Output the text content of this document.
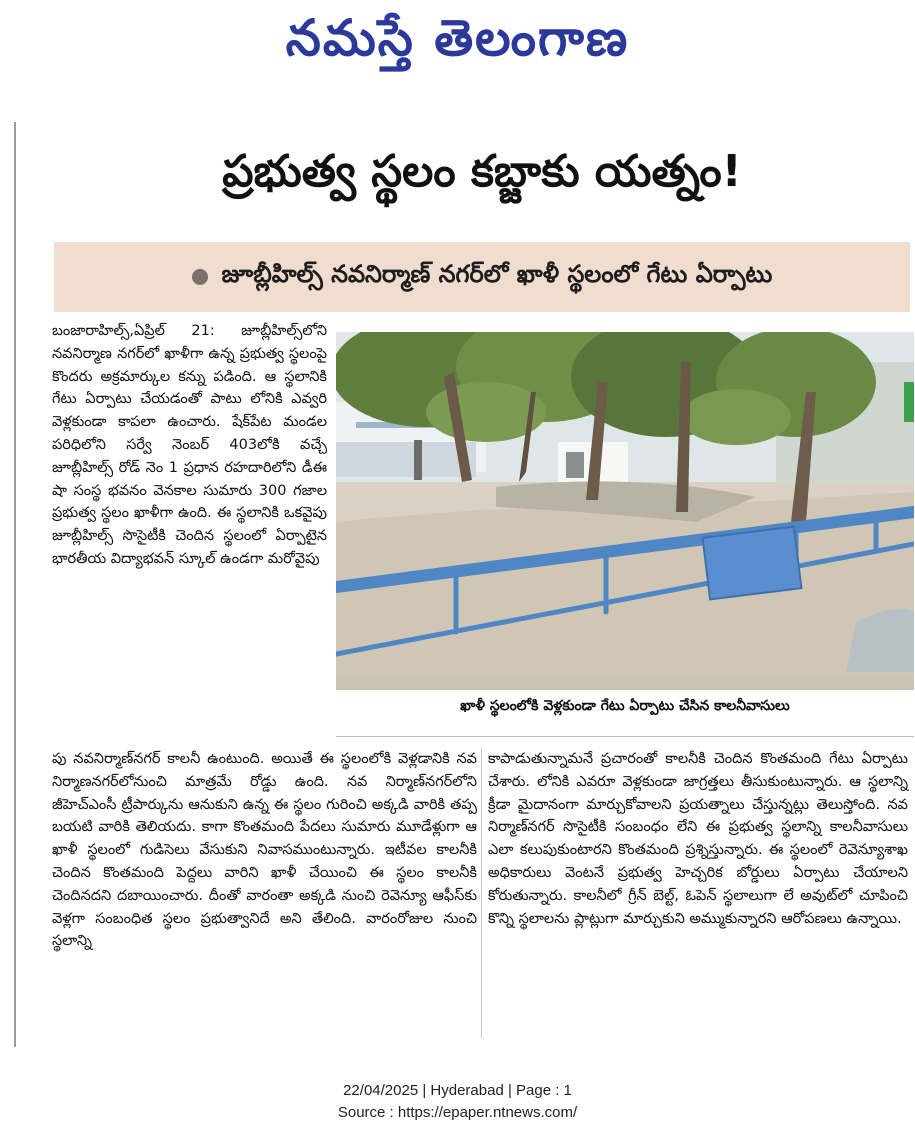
నమస్తే తెలంగాణ
ప్రభుత్వ స్థలం కబ్జాకు యత్నం!
జూబ్లీహిల్స్ నవనిర్మాణ్ నగర్‌లో ఖాళీ స్థలంలో గేటు ఏర్పాటు

బంజారాహిల్స్,ఏప్రిల్ 21: జూబ్లీహిల్స్‌లోని నవనిర్మాణ నగర్‌లో ఖాళీగా ఉన్న ప్రభుత్వ స్థలంపై కొందరు అక్రమార్కుల కన్ను పడింది. ఆ స్థలానికి గేటు ఏర్పాటు చేయడంతో పాటు లోనికి ఎవ్వరి వెళ్లకుండా కాపలా ఉంచారు. షేక్‌పేట మండల పరిధిలోని సర్వే నెంబర్ 403లోకి వచ్చే జూబ్లీహిల్స్ రోడ్ నెం 1 ప్రధాన రహదారిలోని డీఈ షా సంస్థ భవనం వెనకాల సుమారు 300 గజాల ప్రభుత్వ స్థలం ఖాళీగా ఉంది. ఈ స్థలానికి ఒకవైపు జూబ్లీహిల్స్ సొసైటీకి చెందిన స్థలంలో ఏర్పాటైన భారతీయ విద్యాభవన్ స్కూల్ ఉండగా మరోవైపు

ఖాళీ స్థలంలోకి వెళ్లకుండా గేటు ఏర్పాటు చేసిన కాలనీవాసులు

పు నవనిర్మాణ్‌నగర్ కాలనీ ఉంటుంది. అయితే ఈ స్థలంలోకి వెళ్లడానికి నవ నిర్మాణనగర్‌లోనుంచి మాత్రమే రోడ్డు ఉంది. నవ నిర్మాణ్‌నగర్‌లోని జీహెచ్‌ఎంసీ ట్రీపార్కును ఆనుకుని ఉన్న ఈ స్థలం గురించి అక్కడి వారికి తప్ప బయటి వారికి తెలియదు. కాగా కొంతమంది పేదలు సుమారు మూడేళ్లుగా ఆ ఖాళీ స్థలంలో గుడిసెలు వేసుకుని నివాసముంటున్నారు. ఇటీవల కాలనీకి చెందిన కొంతమంది పెద్దలు వారిని ఖాళీ చేయించి ఈ స్థలం కాలనీకి చెందినదని దబాయించారు. దీంతో వారంతా అక్కడి నుంచి రెవెన్యూ ఆఫీస్‌కు వెళ్లగా సంబంధిత స్థలం ప్రభుత్వానిదే అని తేలింది. వారంరోజుల నుంచి స్థలాన్ని

కాపాడుతున్నామనే ప్రచారంతో కాలనీకి చెందిన కొంతమంది గేటు ఏర్పాటు చేశారు. లోనికి ఎవరూ వెళ్లకుండా జాగ్రత్తలు తీసుకుంటున్నారు. ఆ స్థలాన్ని క్రీడా మైదానంగా మార్చుకోవాలని ప్రయత్నాలు చేస్తున్నట్లు తెలుస్తోంది. నవ నిర్మాణ్‌నగర్ సొసైటీకి సంబంధం లేని ఈ ప్రభుత్వ స్థలాన్ని కాలనీవాసులు ఎలా కలుపుకుంటారని కొంతమంది ప్రశ్నిస్తున్నారు. ఈ స్థలంలో రెవెన్యూశాఖ అధికారులు వెంటనే ప్రభుత్వ హెచ్చరిక బోర్డులు ఏర్పాటు చేయాలని కోరుతున్నారు. కాలనీలో గ్రీన్ బెల్ట్, ఓపెన్ స్థలాలుగా లే అవుట్‌లో చూపించి కొన్ని స్థలాలను ప్లాట్లుగా మార్చుకుని అమ్ముకున్నారని ఆరోపణలు ఉన్నాయి.

22/04/2025 | Hyderabad | Page : 1
Source : https://epaper.ntnews.com/
